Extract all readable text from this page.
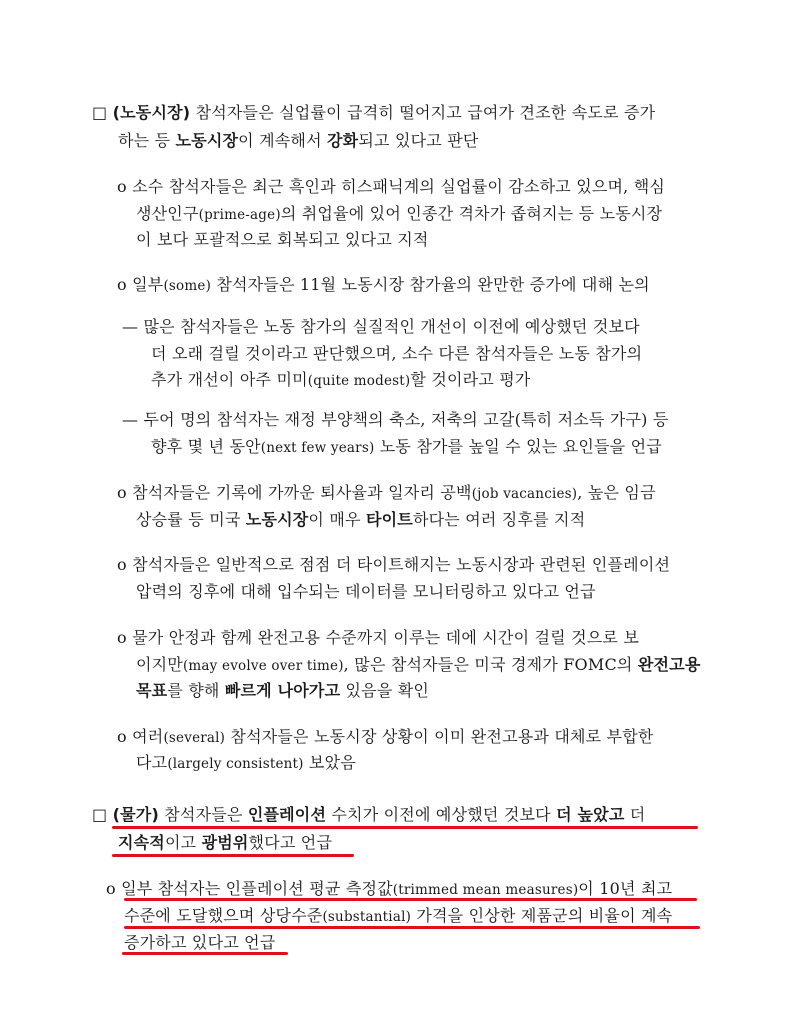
□ (노동시장) 참석자들은 실업률이 급격히 떨어지고 급여가 견조한 속도로 증가
하는 등 노동시장이 계속해서 강화되고 있다고 판단
o 소수 참석자들은 최근 흑인과 히스패닉계의 실업률이 감소하고 있으며, 핵심
생산인구(prime-age)의 취업율에 있어 인종간 격차가 좁혀지는 등 노동시장
이 보다 포괄적으로 회복되고 있다고 지적
o 일부(some) 참석자들은 11월 노동시장 참가율의 완만한 증가에 대해 논의
— 많은 참석자들은 노동 참가의 실질적인 개선이 이전에 예상했던 것보다
더 오래 걸릴 것이라고 판단했으며, 소수 다른 참석자들은 노동 참가의
추가 개선이 아주 미미(quite modest)할 것이라고 평가
— 두어 명의 참석자는 재정 부양책의 축소, 저축의 고갈(특히 저소득 가구) 등
향후 몇 년 동안(next few years) 노동 참가를 높일 수 있는 요인들을 언급
o 참석자들은 기록에 가까운 퇴사율과 일자리 공백(job vacancies), 높은 임금
상승률 등 미국 노동시장이 매우 타이트하다는 여러 징후를 지적
o 참석자들은 일반적으로 점점 더 타이트해지는 노동시장과 관련된 인플레이션
압력의 징후에 대해 입수되는 데이터를 모니터링하고 있다고 언급
o 물가 안정과 함께 완전고용 수준까지 이루는 데에 시간이 걸릴 것으로 보
이지만(may evolve over time), 많은 참석자들은 미국 경제가 FOMC의 완전고용
목표를 향해 빠르게 나아가고 있음을 확인
o 여러(several) 참석자들은 노동시장 상황이 이미 완전고용과 대체로 부합한
다고(largely consistent) 보았음
□ (물가) 참석자들은 인플레이션 수치가 이전에 예상했던 것보다 더 높았고 더
지속적이고 광범위했다고 언급
o 일부 참석자는 인플레이션 평균 측정값(trimmed mean measures)이 10년 최고
수준에 도달했으며 상당수준(substantial) 가격을 인상한 제품군의 비율이 계속
증가하고 있다고 언급
